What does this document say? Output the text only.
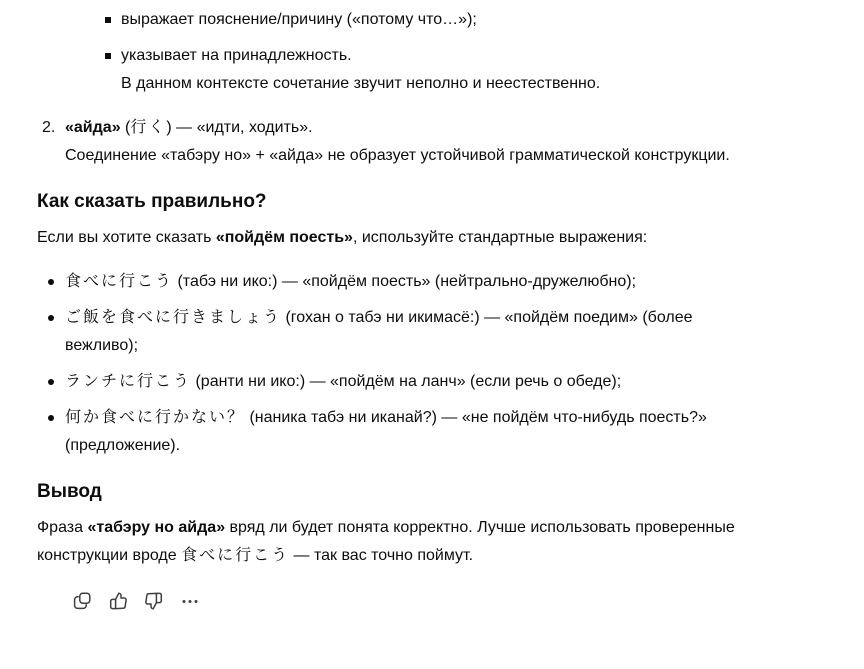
выражает пояснение/причину («потому что…»);
указывает на принадлежность.
В данном контексте сочетание звучит неполно и неестественно.
2. «айда» (行く) — «идти, ходить».
Соединение «табэру но» + «айда» не образует устойчивой грамматической конструкции.
Как сказать правильно?

Если вы хотите сказать «пойдём поесть», используйте стандартные выражения:

食べに行こう (табэ ни ико:) — «пойдём поесть» (нейтрально-дружелюбно);
ご飯を食べに行きましょう (гохан о табэ ни икимасё:) — «пойдём поедим» (более вежливо);
ランチに行こう (ранти ни ико:) — «пойдём на ланч» (если речь о обеде);
何か食べに行かない？ (наника табэ ни иканай?) — «не пойдём что-нибудь поесть?» (предложение).
Вывод

Фраза «табэру но айда» вряд ли будет понята корректно. Лучше использовать проверенные конструкции вроде 食べに行こう — так вас точно поймут.
